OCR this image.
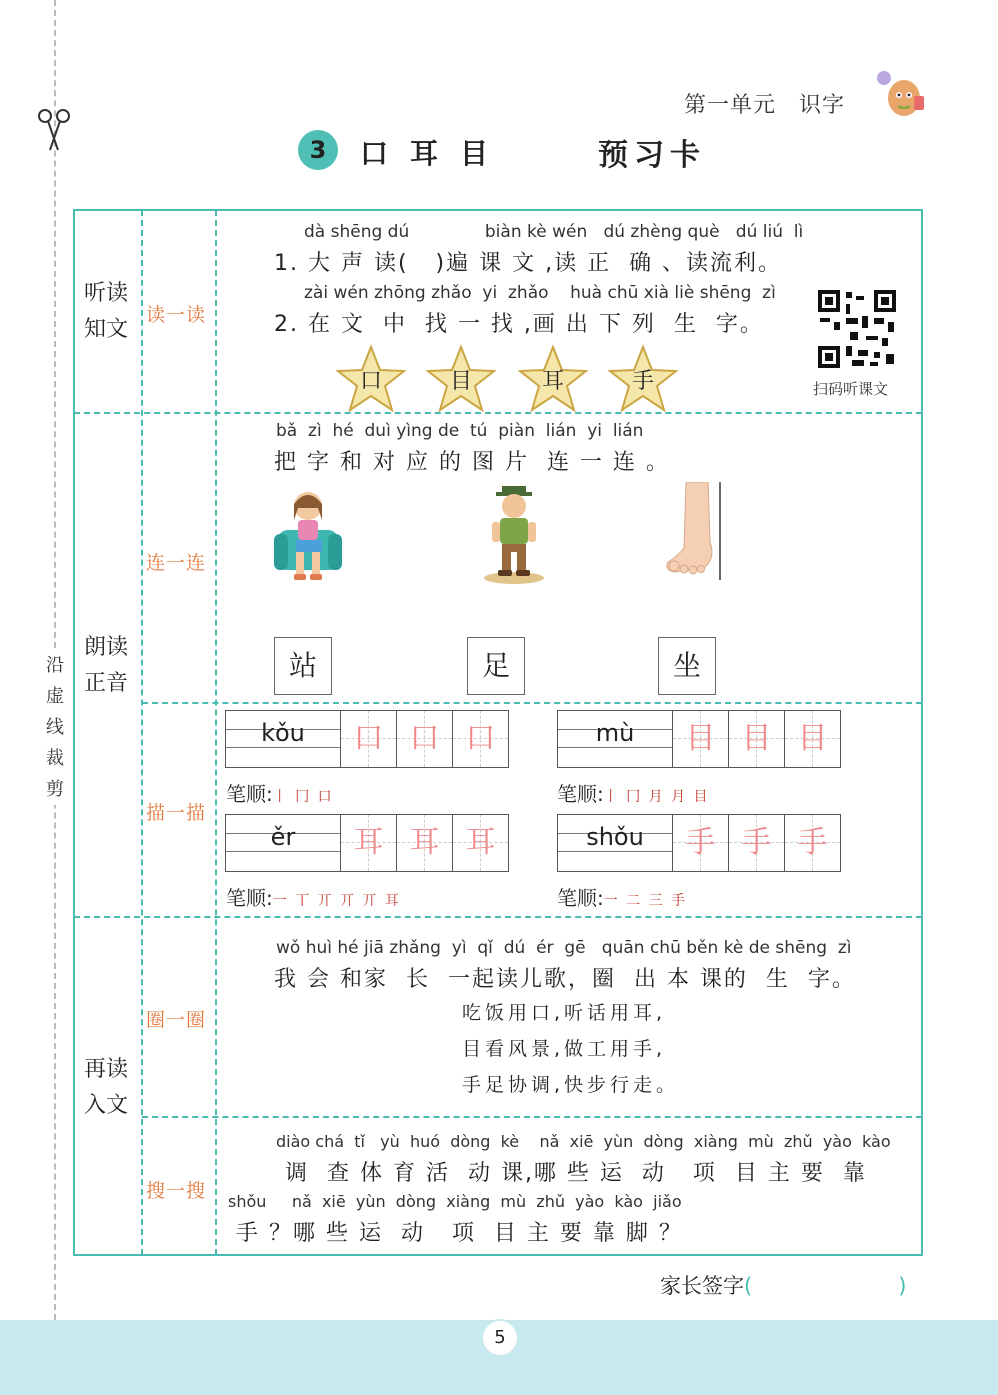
沿虚线裁剪
第一单元　识字
3	口耳目	预习卡
听读
知文
朗读
正音
再读
入文
读一读
连一连
描一描
圈一圈
搜一搜
dà shēng dú              biàn kè wén   dú zhèng què   dú liú  lì
1. 大 声 读(   )遍 课 文 ,读 正  确 、读流利。
zài wén zhōng zhǎo  yi  zhǎo    huà chū xià liè shēng  zì
2. 在 文  中  找 一 找 ,画 出 下 列  生  字。
口	目	耳	手	扫码听课文
bǎ  zì  hé  duì yìng de  tú  piàn  lián  yi  lián
把 字 和 对 应 的 图 片  连 一 连 。
站	足	坐
kǒu	口 口 口
笔顺:丨 冂 口
mù	目 目 目
笔顺:丨 冂 月 月 目
ěr	耳 耳 耳
笔顺:一 丅 丌 丌 丌 耳
shǒu	手 手 手
笔顺:一 二 三 手
wǒ huì hé jiā zhǎng  yì  qǐ  dú  ér  gē   quān chū běn kè de shēng  zì
我 会 和家  长  一起读儿歌，圈  出 本 课的  生  字。
吃饭用口,听话用耳,
目看风景,做工用手,
手足协调,快步行走。
diào chá  tǐ   yù  huó  dòng  kè    nǎ  xiē  yùn  dòng  xiàng  mù  zhǔ  yào  kào
调  查 体 育 活  动 课,哪 些 运  动   项  目 主 要  靠
shǒu     nǎ  xiē  yùn  dòng  xiàng  mù  zhǔ  yào  kào  jiǎo
手 ？哪 些 运  动   项  目 主 要 靠 脚 ？
家长签字(	)
5
